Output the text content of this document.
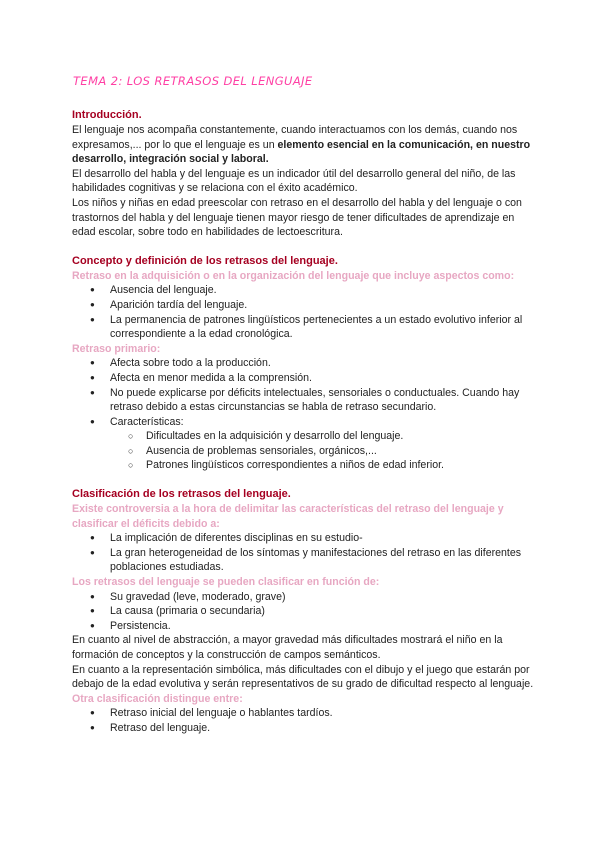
TEMA 2: LOS RETRASOS DEL LENGUAJE
Introducción.

El lenguaje nos acompaña constantemente, cuando interactuamos con los demás, cuando nos expresamos,... por lo que el lenguaje es un elemento esencial en la comunicación, en nuestro desarrollo, integración social y laboral.

El desarrollo del habla y del lenguaje es un indicador útil del desarrollo general del niño, de las habilidades cognitivas y se relaciona con el éxito académico.

Los niños y niñas en edad preescolar con retraso en el desarrollo del habla y del lenguaje o con trastornos del habla y del lenguaje tienen mayor riesgo de tener dificultades de aprendizaje en edad escolar, sobre todo en habilidades de lectoescritura.

Concepto y definición de los retrasos del lenguaje.

Retraso en la adquisición o en la organización del lenguaje que incluye aspectos como:

● Ausencia del lenguaje.
● Aparición tardía del lenguaje.
● La permanencia de patrones lingüísticos pertenecientes a un estado evolutivo inferior al correspondiente a la edad cronológica.

Retraso primario:

● Afecta sobre todo a la producción.
● Afecta en menor medida a la comprensión.
● No puede explicarse por déficits intelectuales, sensoriales o conductuales. Cuando hay retraso debido a estas circunstancias se habla de retraso secundario.
● Características:
○ Dificultades en la adquisición y desarrollo del lenguaje.
○ Ausencia de problemas sensoriales, orgánicos,...
○ Patrones lingüísticos correspondientes a niños de edad inferior.
Clasificación de los retrasos del lenguaje.

Existe controversia a la hora de delimitar las características del retraso del lenguaje y clasificar el déficits debido a:

● La implicación de diferentes disciplinas en su estudio-
● La gran heterogeneidad de los síntomas y manifestaciones del retraso en las diferentes poblaciones estudiadas.

Los retrasos del lenguaje se pueden clasificar en función de:

● Su gravedad (leve, moderado, grave)
● La causa (primaria o secundaria)
● Persistencia.

En cuanto al nivel de abstracción, a mayor gravedad más dificultades mostrará el niño en la formación de conceptos y la construcción de campos semánticos.

En cuanto a la representación simbólica, más dificultades con el dibujo y el juego que estarán por debajo de la edad evolutiva y serán representativos de su grado de dificultad respecto al lenguaje.

Otra clasificación distingue entre:

● Retraso inicial del lenguaje o hablantes tardíos.
● Retraso del lenguaje.
